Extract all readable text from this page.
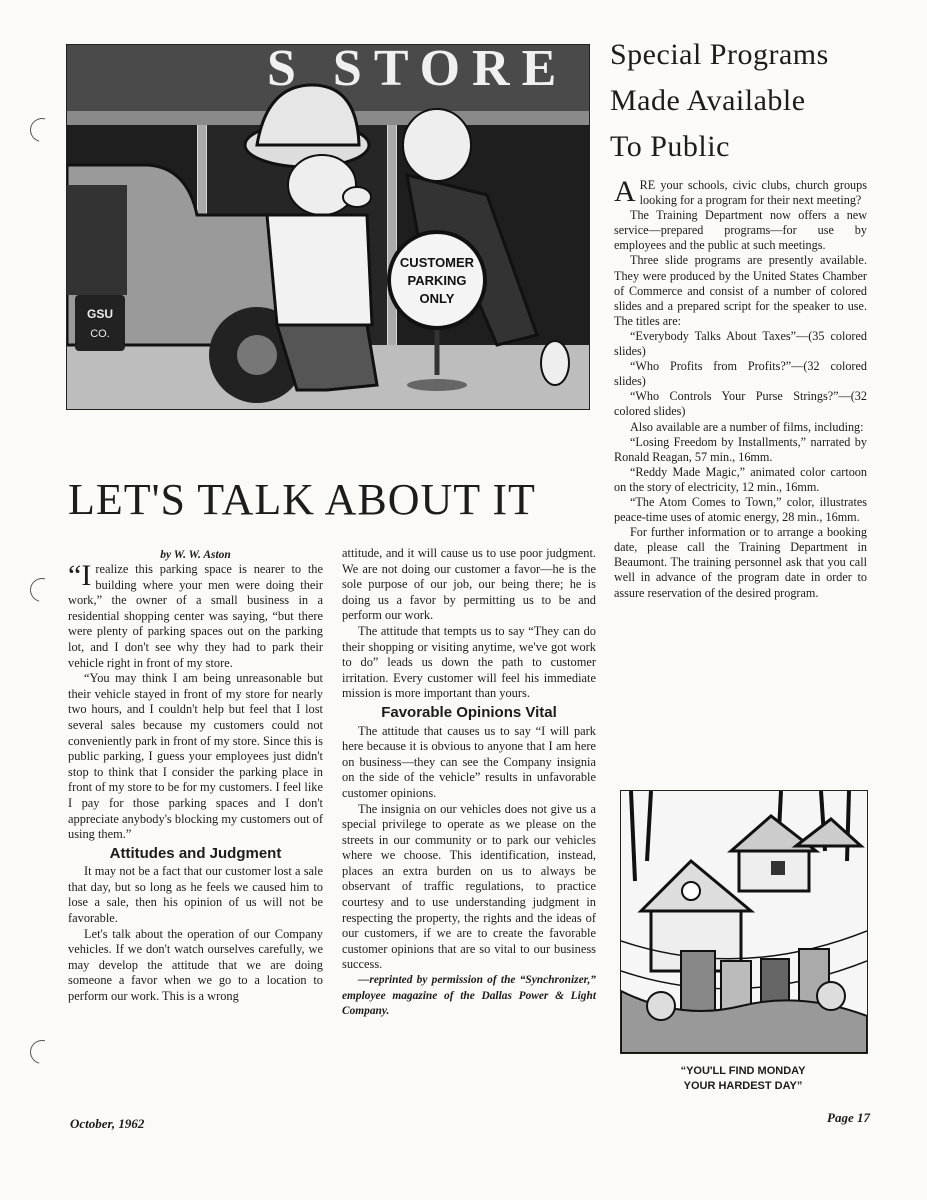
GSU
CO.
CUSTOMER
PARKING
ONLY
S STORE Special Programs
Made Available
To Public

ARE your schools, civic clubs, church groups looking for a program for their next meeting?

The Training Department now offers a new service—prepared programs—for use by employees and the public at such meetings.

Three slide programs are presently available. They were produced by the United States Chamber of Commerce and consist of a number of colored slides and a prepared script for the speaker to use. The titles are:

“Everybody Talks About Taxes”—(35 colored slides)

“Who Profits from Profits?”—(32 colored slides)

“Who Controls Your Purse Strings?”—(32 colored slides)

Also available are a number of films, including:

“Losing Freedom by Installments,” narrated by Ronald Reagan, 57 min., 16mm.

“Reddy Made Magic,” animated color cartoon on the story of electricity, 12 min., 16mm.

“The Atom Comes to Town,” color, illustrates peace-time uses of atomic energy, 28 min., 16mm.

For further information or to arrange a booking date, please call the Training Department in Beaumont. The training personnel ask that you call well in advance of the program date in order to assure reservation of the desired program.

LET'S TALK ABOUT IT
by W. W. Aston

“I realize this parking space is nearer to the building where your men were doing their work,” the owner of a small business in a residential shopping center was saying, “but there were plenty of parking spaces out on the parking lot, and I don't see why they had to park their vehicle right in front of my store.

“You may think I am being unreasonable but their vehicle stayed in front of my store for nearly two hours, and I couldn't help but feel that I lost several sales because my customers could not conveniently park in front of my store. Since this is public parking, I guess your employees just didn't stop to think that I consider the parking place in front of my store to be for my customers. I feel like I pay for those parking spaces and I don't appreciate anybody's blocking my customers out of using them.”

Attitudes and Judgment

It may not be a fact that our customer lost a sale that day, but so long as he feels we caused him to lose a sale, then his opinion of us will not be favorable.

Let's talk about the operation of our Company vehicles. If we don't watch ourselves carefully, we may develop the attitude that we are doing someone a favor when we go to a location to perform our work. This is a wrong

attitude, and it will cause us to use poor judgment. We are not doing our customer a favor—he is the sole purpose of our job, our being there; he is doing us a favor by permitting us to be and perform our work.

The attitude that tempts us to say “They can do their shopping or visiting anytime, we've got work to do” leads us down the path to customer irritation. Every customer will feel his immediate mission is more important than yours.

Favorable Opinions Vital

The attitude that causes us to say “I will park here because it is obvious to anyone that I am here on business—they can see the Company insignia on the side of the vehicle” results in unfavorable customer opinions.

The insignia on our vehicles does not give us a special privilege to operate as we please on the streets in our community or to park our vehicles where we choose. This identification, instead, places an extra burden on us to always be observant of traffic regulations, to practice courtesy and to use understanding judgment in respecting the property, the rights and the ideas of our customers, if we are to create the favorable customer opinions that are so vital to our business success.

—reprinted by permission of the “Synchronizer,” employee magazine of the Dallas Power & Light Company.

“YOU'LL FIND MONDAY
YOUR HARDEST DAY”
October, 1962	Page 17
